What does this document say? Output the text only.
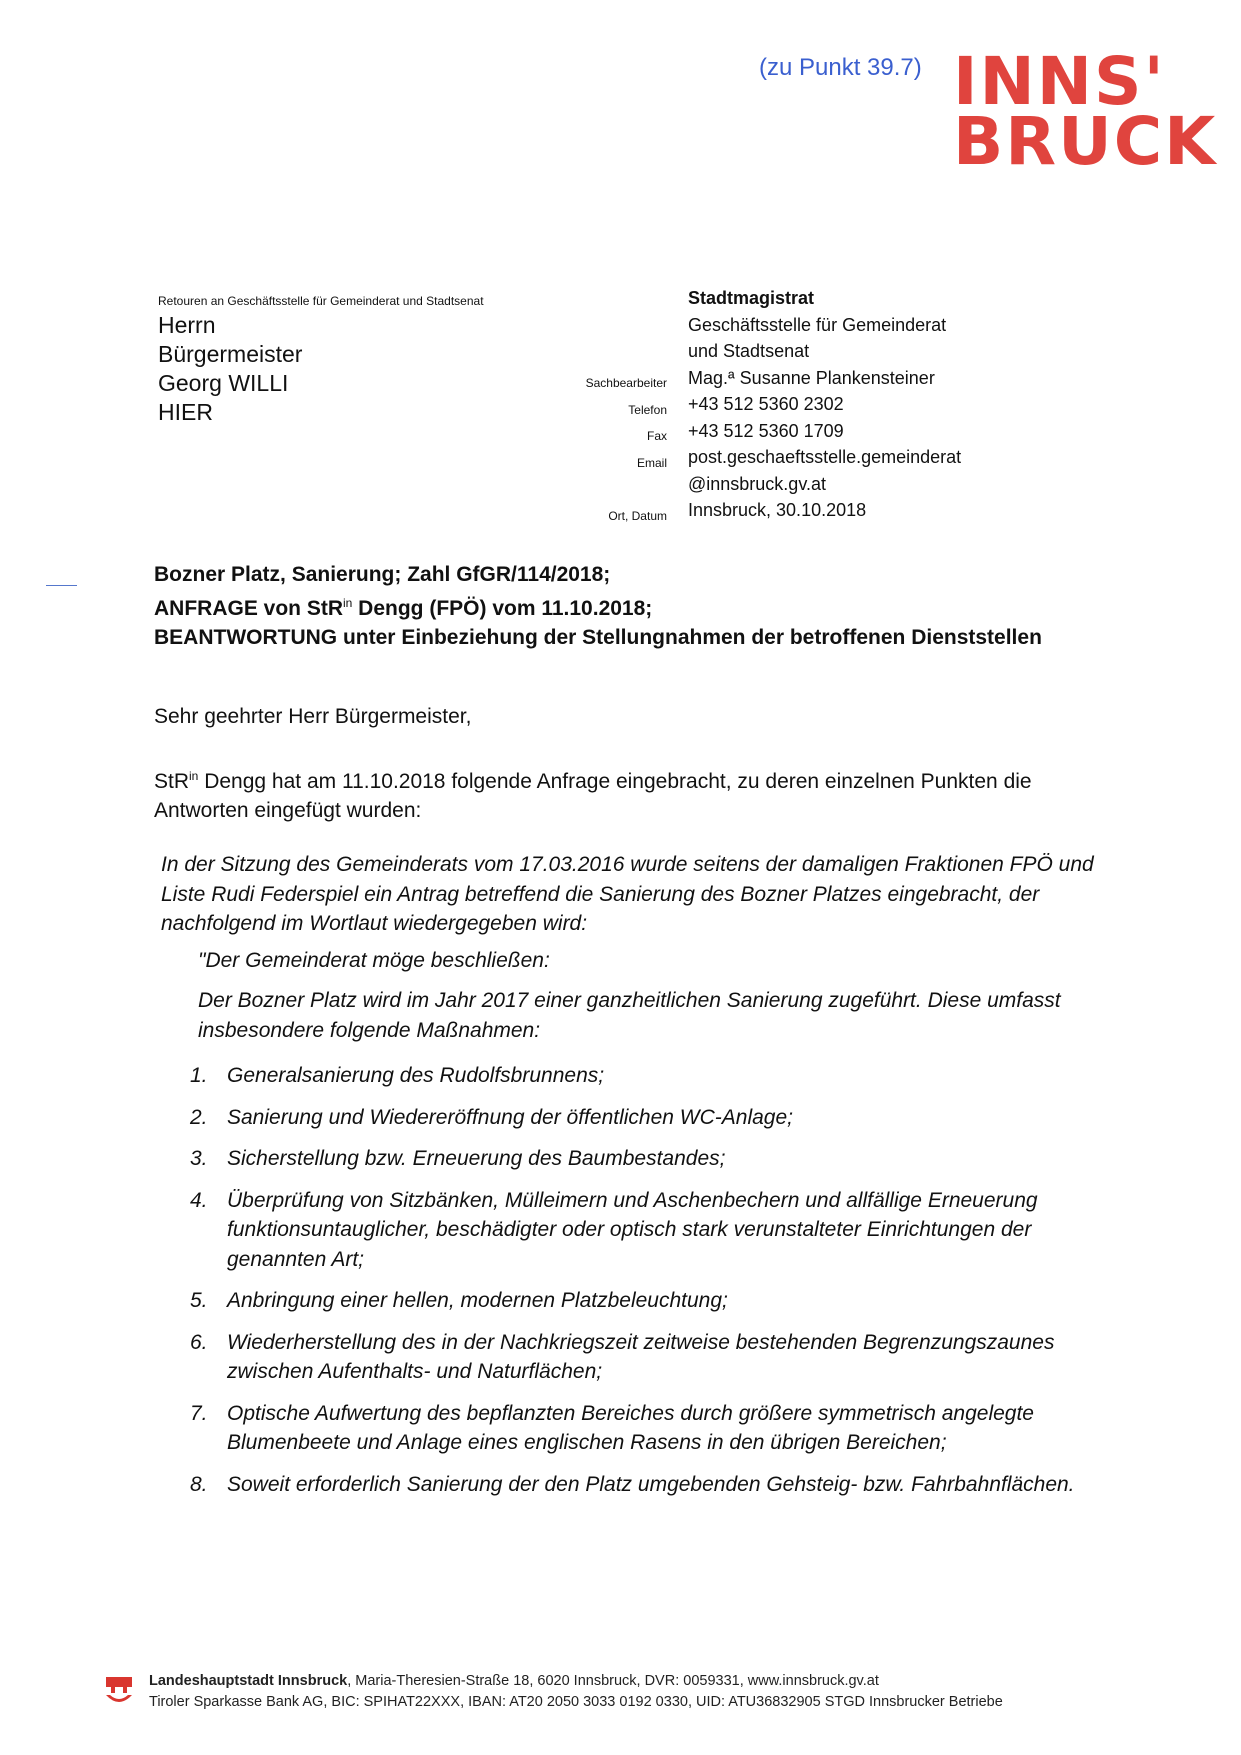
(zu Punkt 39.7) INNS'
BRUCK
Retouren an Geschäftsstelle für Gemeinderat und Stadtsenat
Herrn
Bürgermeister
Georg WILLI
HIER
Sachbearbeiter
Telefon
Fax
Email

Ort, Datum
Stadtmagistrat
Geschäftsstelle für Gemeinderat
und Stadtsenat
Mag.ª Susanne Plankensteiner
+43 512 5360 2302
+43 512 5360 1709
post.geschaeftsstelle.gemeinderat
@innsbruck.gv.at
Innsbruck, 30.10.2018
Bozner Platz, Sanierung; Zahl GfGR/114/2018;
ANFRAGE von StR$^{in}$ Dengg (FPÖ) vom 11.10.2018;
BEANTWORTUNG unter Einbeziehung der Stellungnahmen der betroffenen Dienststellen
Sehr geehrter Herr Bürgermeister,
StR$^{in}$ Dengg hat am 11.10.2018 folgende Anfrage eingebracht, zu deren einzelnen Punkten die Antworten eingefügt wurden:
In der Sitzung des Gemeinderats vom 17.03.2016 wurde seitens der damaligen Fraktionen FPÖ und Liste Rudi Federspiel ein Antrag betreffend die Sanierung des Bozner Platzes eingebracht, der nachfolgend im Wortlaut wiedergegeben wird:
"Der Gemeinderat möge beschließen:
Der Bozner Platz wird im Jahr 2017 einer ganzheitlichen Sanierung zugeführt. Diese umfasst insbesondere folgende Maßnahmen:
1. Generalsanierung des Rudolfsbrunnens;
2. Sanierung und Wiedereröffnung der öffentlichen WC-Anlage;
3. Sicherstellung bzw. Erneuerung des Baumbestandes;
4. Überprüfung von Sitzbänken, Mülleimern und Aschenbechern und allfällige Erneuerung funktionsuntauglicher, beschädigter oder optisch stark verunstalteter Einrichtungen der genannten Art;
5. Anbringung einer hellen, modernen Platzbeleuchtung;
6. Wiederherstellung des in der Nachkriegszeit zeitweise bestehenden Begrenzungszaunes zwischen Aufenthalts- und Naturflächen;
7. Optische Aufwertung des bepflanzten Bereiches durch größere symmetrisch angelegte Blumenbeete und Anlage eines englischen Rasens in den übrigen Bereichen;
8. Soweit erforderlich Sanierung der den Platz umgebenden Gehsteig- bzw. Fahrbahnflächen.
Landeshauptstadt Innsbruck, Maria-Theresien-Straße 18, 6020 Innsbruck, DVR: 0059331, www.innsbruck.gv.at
Tiroler Sparkasse Bank AG, BIC: SPIHAT22XXX, IBAN: AT20 2050 3033 0192 0330, UID: ATU36832905 STGD Innsbrucker Betriebe
